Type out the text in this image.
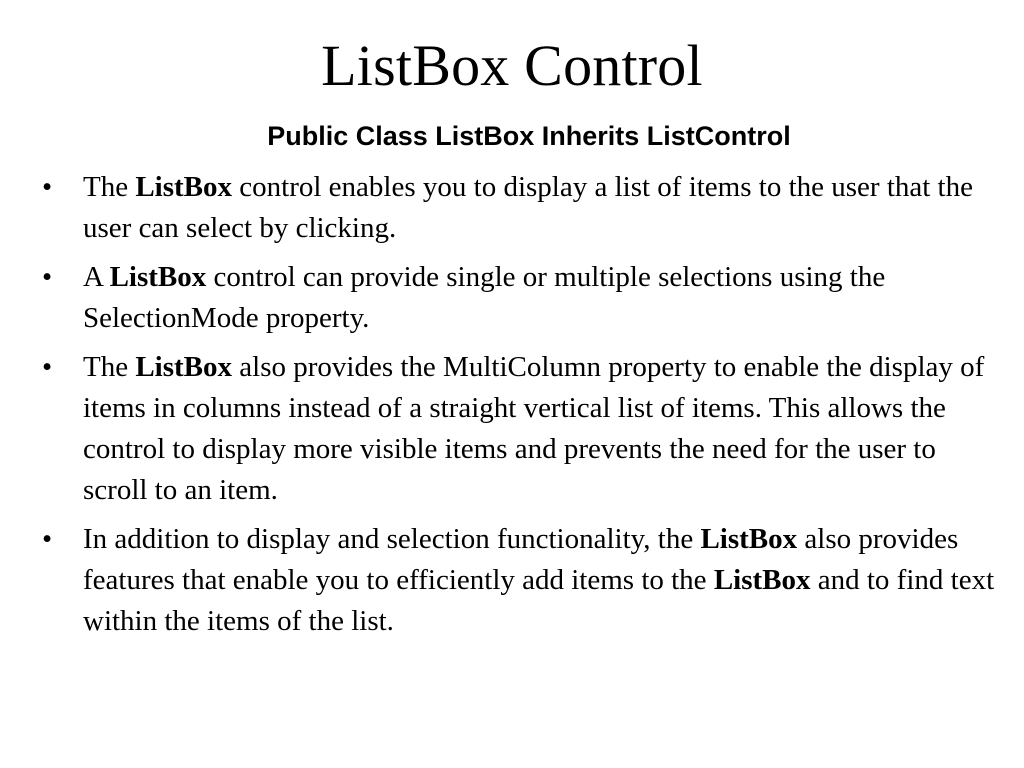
ListBox Control
Public Class ListBox Inherits ListControl
• The ListBox control enables you to display a list of items to the user that the user can select by clicking.
• A ListBox control can provide single or multiple selections using the SelectionMode property.
• The ListBox also provides the MultiColumn property to enable the display of items in columns instead of a straight vertical list of items. This allows the control to display more visible items and prevents the need for the user to scroll to an item.
• In addition to display and selection functionality, the ListBox also provides features that enable you to efficiently add items to the ListBox and to find text within the items of the list.
